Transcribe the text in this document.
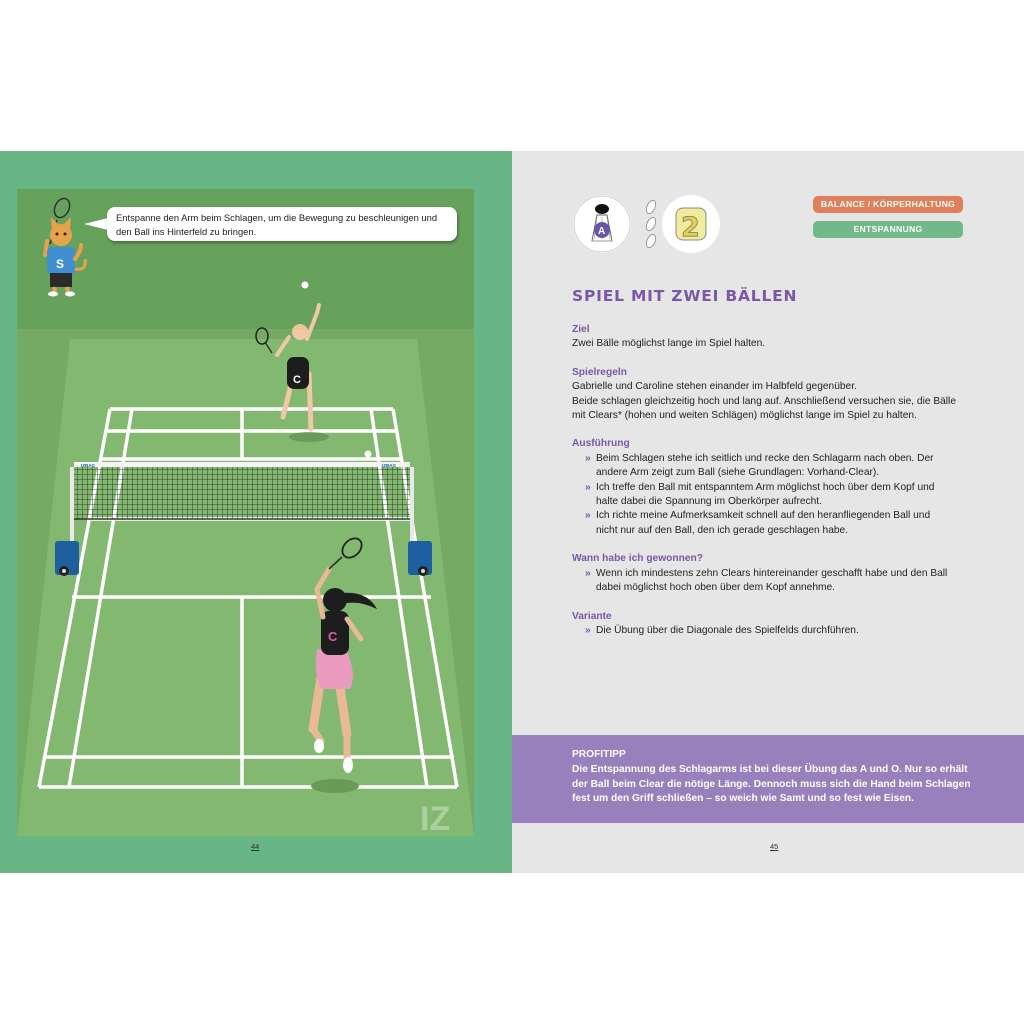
IZBAG	IZBAG
C
C
S
IZ
Entspanne den Arm beim Schlagen, um die Bewegung zu beschleunigen und den Ball ins Hinterfeld zu bringen.
44
A	2
BALANCE / KÖRPERHALTUNG
ENTSPANNUNG
SPIEL MIT ZWEI BÄLLEN

Ziel

Zwei Bälle möglichst lange im Spiel halten.

Spielregeln

Gabrielle und Caroline stehen einander im Halbfeld gegenüber.

Beide schlagen gleichzeitig hoch und lang auf. Anschließend versuchen sie, die Bälle

mit Clears* (hohen und weiten Schlägen) möglichst lange im Spiel zu halten.

Ausführung

» Beim Schlagen stehe ich seitlich und recke den Schlagarm nach oben. Der

andere Arm zeigt zum Ball (siehe Grundlagen: Vorhand-Clear).

» Ich treffe den Ball mit entspanntem Arm möglichst hoch über dem Kopf und

halte dabei die Spannung im Oberkörper aufrecht.

» Ich richte meine Aufmerksamkeit schnell auf den heranfliegenden Ball und

nicht nur auf den Ball, den ich gerade geschlagen habe.

Wann habe ich gewonnen?

» Wenn ich mindestens zehn Clears hintereinander geschafft habe und den Ball

dabei möglichst hoch oben über dem Kopf annehme.

Variante

» Die Übung über die Diagonale des Spielfelds durchführen.

PROFITIPP
Die Entspannung des Schlagarms ist bei dieser Übung das A und O. Nur so erhält
der Ball beim Clear die nötige Länge. Dennoch muss sich die Hand beim Schlagen
fest um den Griff schließen – so weich wie Samt und so fest wie Eisen.
45
